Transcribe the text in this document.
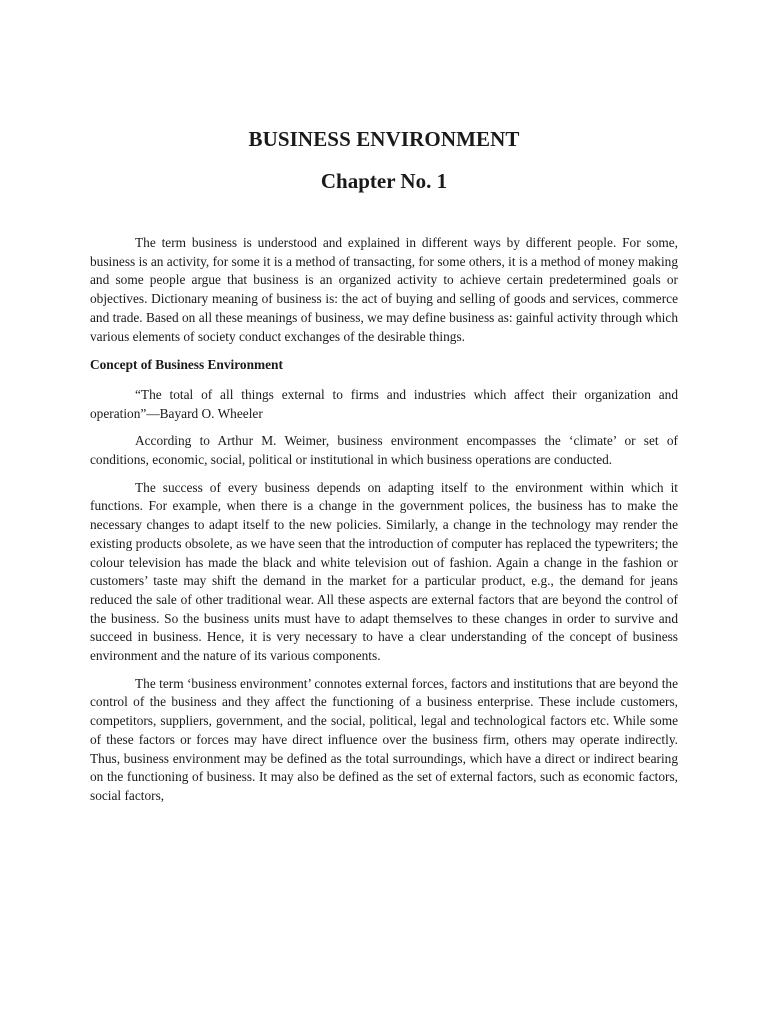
BUSINESS ENVIRONMENT
Chapter No. 1

The term business is understood and explained in different ways by different people. For some, business is an activity, for some it is a method of transacting, for some others, it is a method of money making and some people argue that business is an organized activity to achieve certain predetermined goals or objectives. Dictionary meaning of business is: the act of buying and selling of goods and services, commerce and trade. Based on all these meanings of business, we may define business as: gainful activity through which various elements of society conduct exchanges of the desirable things.

Concept of Business Environment

“The total of all things external to firms and industries which affect their organization and operation”—Bayard O. Wheeler

According to Arthur M. Weimer, business environment encompasses the ‘climate’ or set of conditions, economic, social, political or institutional in which business operations are conducted.

The success of every business depends on adapting itself to the environment within which it functions. For example, when there is a change in the government polices, the business has to make the necessary changes to adapt itself to the new policies. Similarly, a change in the technology may render the existing products obsolete, as we have seen that the introduction of computer has replaced the typewriters; the colour television has made the black and white television out of fashion. Again a change in the fashion or customers’ taste may shift the demand in the market for a particular product, e.g., the demand for jeans reduced the sale of other traditional wear. All these aspects are external factors that are beyond the control of the business. So the business units must have to adapt themselves to these changes in order to survive and succeed in business. Hence, it is very necessary to have a clear understanding of the concept of business environment and the nature of its various components.

The term ‘business environment’ connotes external forces, factors and institutions that are beyond the control of the business and they affect the functioning of a business enterprise. These include customers, competitors, suppliers, government, and the social, political, legal and technological factors etc. While some of these factors or forces may have direct influence over the business firm, others may operate indirectly. Thus, business environment may be defined as the total surroundings, which have a direct or indirect bearing on the functioning of business. It may also be defined as the set of external factors, such as economic factors, social factors,
